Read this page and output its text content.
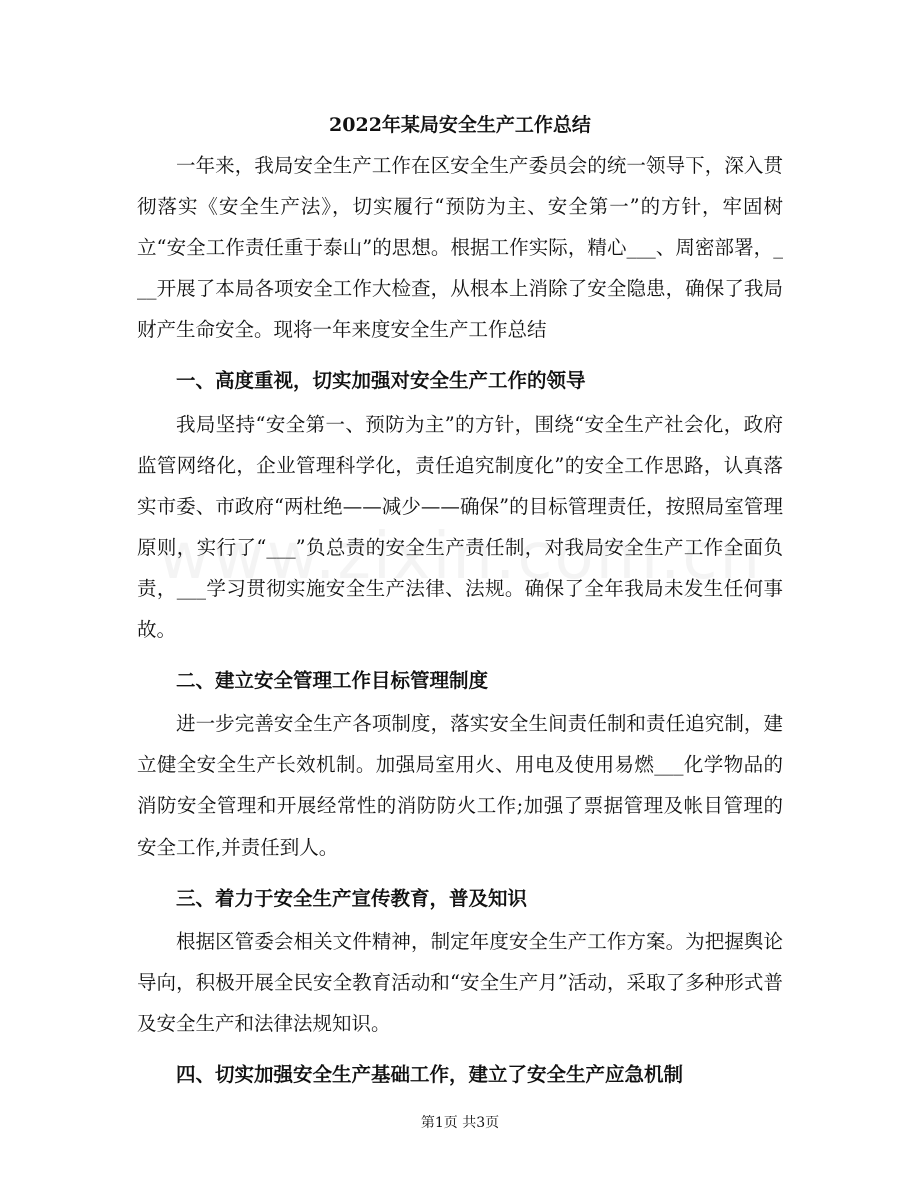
2022年某局安全生产工作总结

一年来，我局安全生产工作在区安全生产委员会的统一领导下，深入贯彻落实《安全生产法》，切实履行“预防为主、安全第一”的方针，牢固树立“安全工作责任重于泰山”的思想。根据工作实际，精心___、周密部署，___开展了本局各项安全工作大检查，从根本上消除了安全隐患，确保了我局财产生命安全。现将一年来度安全生产工作总结

一、高度重视，切实加强对安全生产工作的领导

我局坚持“安全第一、预防为主”的方针，围绕“安全生产社会化，政府监管网络化，企业管理科学化，责任追究制度化”的安全工作思路，认真落实市委、市政府“两杜绝——减少——确保”的目标管理责任，按照局室管理原则，实行了“___”负总责的安全生产责任制，对我局安全生产工作全面负责，___学习贯彻实施安全生产法律、法规。确保了全年我局未发生任何事故。

二、建立安全管理工作目标管理制度

进一步完善安全生产各项制度，落实安全生间责任制和责任追究制，建立健全安全生产长效机制。加强局室用火、用电及使用易燃___化学物品的消防安全管理和开展经常性的消防防火工作;加强了票据管理及帐目管理的安全工作,并责任到人。

三、着力于安全生产宣传教育，普及知识

根据区管委会相关文件精神，制定年度安全生产工作方案。为把握舆论导向，积极开展全民安全教育活动和“安全生产月”活动，采取了多种形式普及安全生产和法律法规知识。

四、切实加强安全生产基础工作，建立了安全生产应急机制

第1页 共3页
